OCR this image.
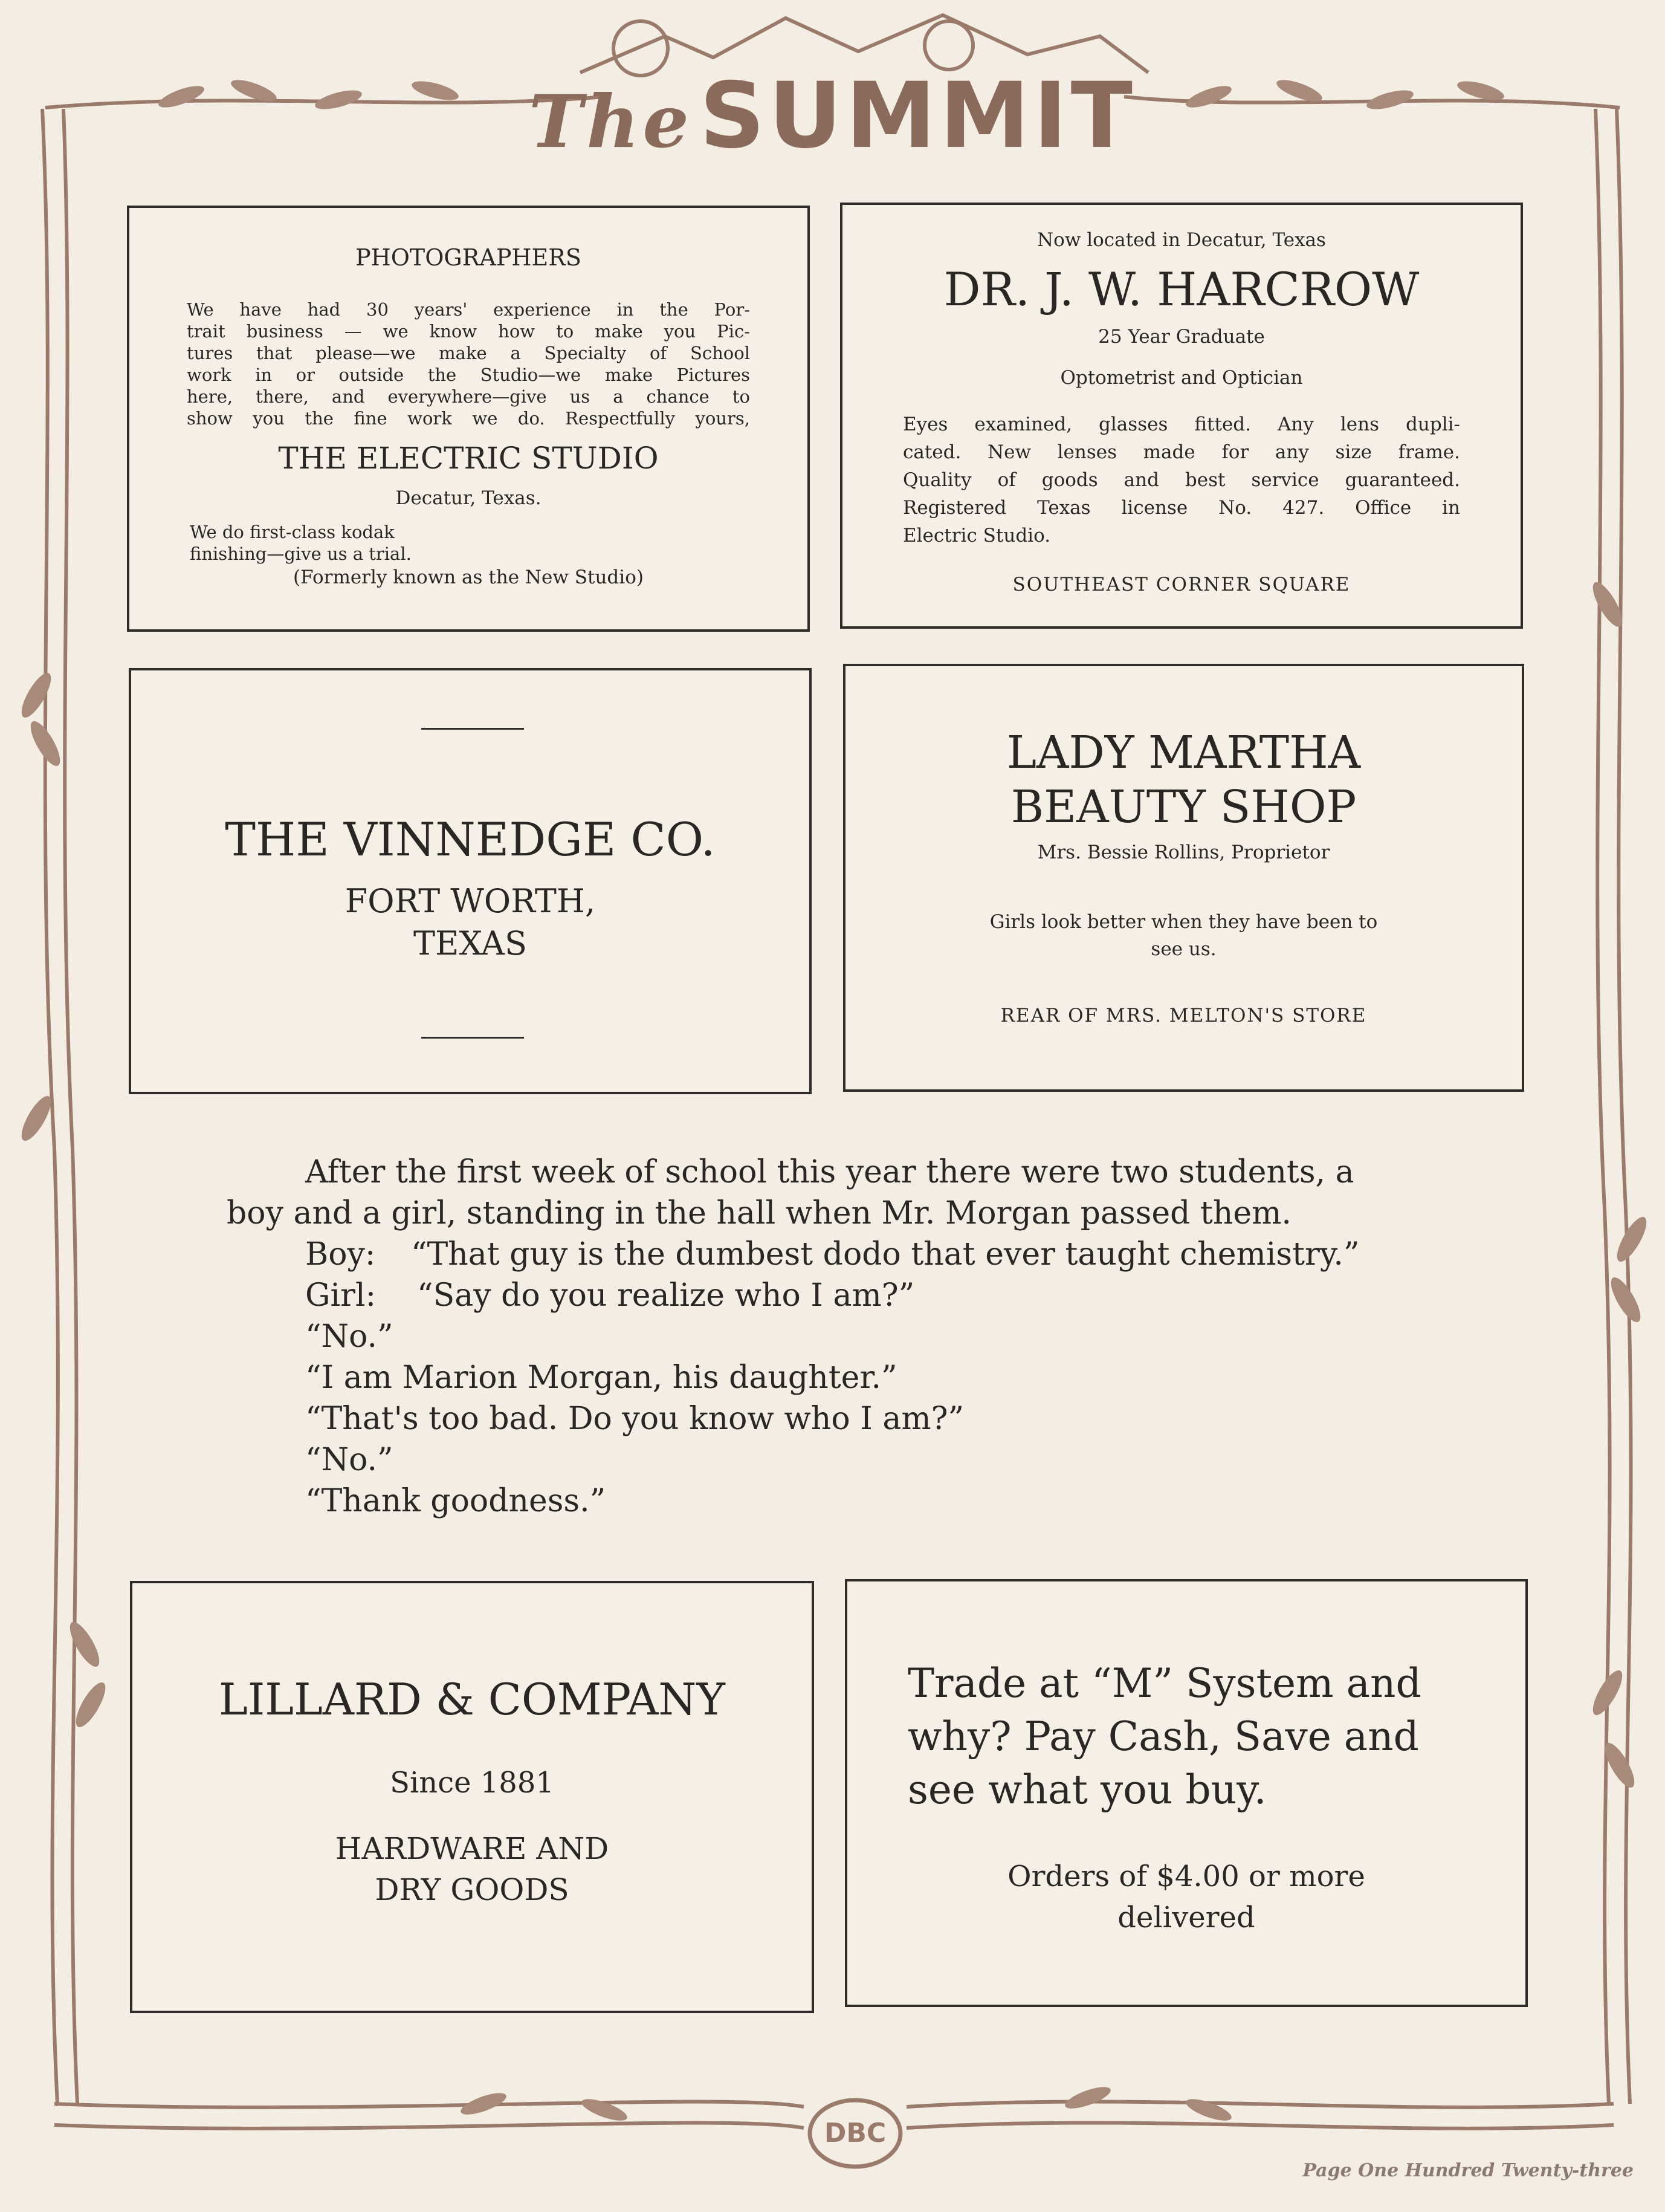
The SUMMIT
PHOTOGRAPHERS
We have had 30 years' experience in the Por-
trait business — we know how to make you Pic-
tures that please—we make a Specialty of School
work in or outside the Studio—we make Pictures
here, there, and everywhere—give us a chance to
show you the fine work we do. Respectfully yours,
THE ELECTRIC STUDIO
Decatur, Texas.
We do first-class kodak
finishing—give us a trial.
(Formerly known as the New Studio)
Now located in Decatur, Texas
DR. J. W. HARCROW
25 Year Graduate
Optometrist and Optician
Eyes examined, glasses fitted. Any lens dupli-
cated. New lenses made for any size frame.
Quality of goods and best service guaranteed.
Registered Texas license No. 427. Office in
Electric Studio.
SOUTHEAST CORNER SQUARE
THE VINNEDGE CO.
FORT WORTH,
TEXAS
LADY MARTHA
BEAUTY SHOP
Mrs. Bessie Rollins, Proprietor
Girls look better when they have been to
see us.
REAR OF MRS. MELTON'S STORE
After the first week of school this year there were two students, a
boy and a girl, standing in the hall when Mr. Morgan passed them.
Boy: “That guy is the dumbest dodo that ever taught chemistry.”
Girl: “Say do you realize who I am?”
“No.”
“I am Marion Morgan, his daughter.”
“That's too bad. Do you know who I am?”
“No.”
“Thank goodness.”
LILLARD & COMPANY
Since 1881
HARDWARE AND
DRY GOODS
Trade at “M” System and
why? Pay Cash, Save and
see what you buy.
Orders of $4.00 or more
delivered
DBC
Page One Hundred Twenty-three
